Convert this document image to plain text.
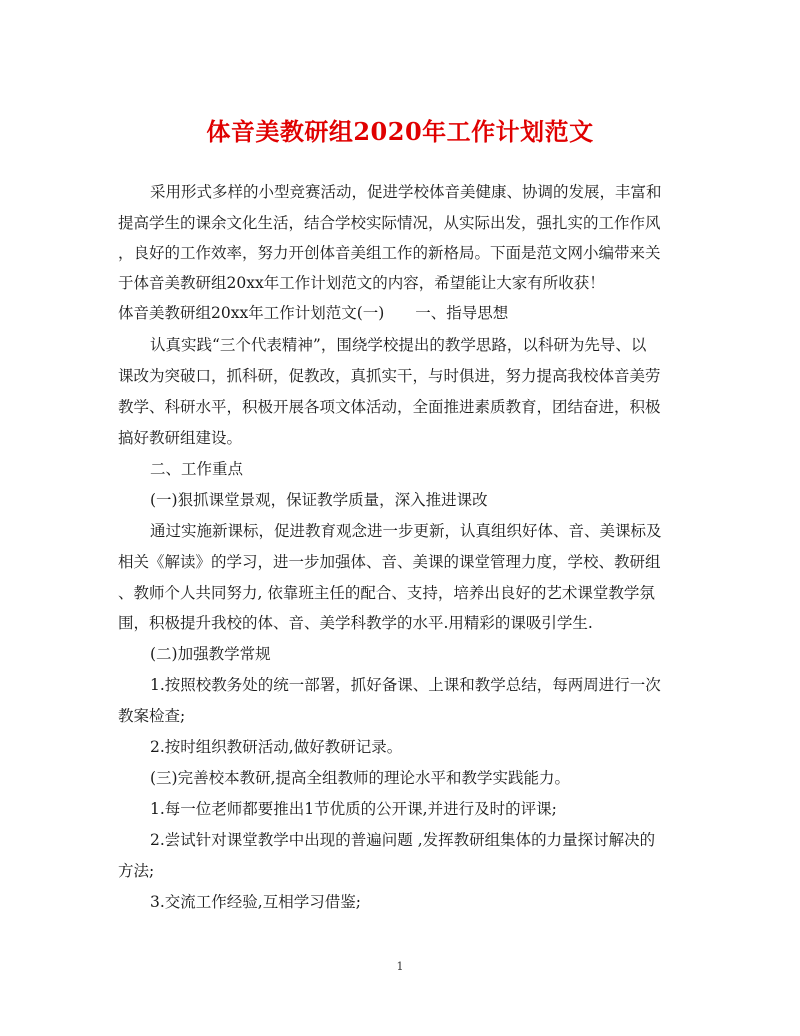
体音美教研组2020年工作计划范文
采用形式多样的小型竞赛活动，促进学校体音美健康、协调的发展，丰富和
提高学生的课余文化生活，结合学校实际情况，从实际出发，强扎实的工作作风
，良好的工作效率，努力开创体音美组工作的新格局。下面是范文网小编带来关
于体音美教研组20xx年工作计划范文的内容，希望能让大家有所收获！
体音美教研组20xx年工作计划范文(一)　　一、指导思想
认真实践“三个代表精神”，围绕学校提出的教学思路，以科研为先导、以
课改为突破口，抓科研，促教改，真抓实干，与时俱进，努力提高我校体音美劳
教学、科研水平，积极开展各项文体活动，全面推进素质教育，团结奋进，积极
搞好教研组建设。
二、工作重点
(一)狠抓课堂景观，保证教学质量，深入推进课改
通过实施新课标，促进教育观念进一步更新，认真组织好体、音、美课标及
相关《解读》的学习，进一步加强体、音、美课的课堂管理力度，学校、教研组
、教师个人共同努力, 依靠班主任的配合、支持，培养出良好的艺术课堂教学氛
围，积极提升我校的体、音、美学科教学的水平.用精彩的课吸引学生.
(二)加强教学常规
1.按照校教务处的统一部署，抓好备课、上课和教学总结，每两周进行一次
教案检查;
2.按时组织教研活动,做好教研记录。
(三)完善校本教研,提高全组教师的理论水平和教学实践能力。
1.每一位老师都要推出1节优质的公开课,并进行及时的评课;
2.尝试针对课堂教学中出现的普遍问题 ,发挥教研组集体的力量探讨解决的
方法;
3.交流工作经验,互相学习借鉴;
1
